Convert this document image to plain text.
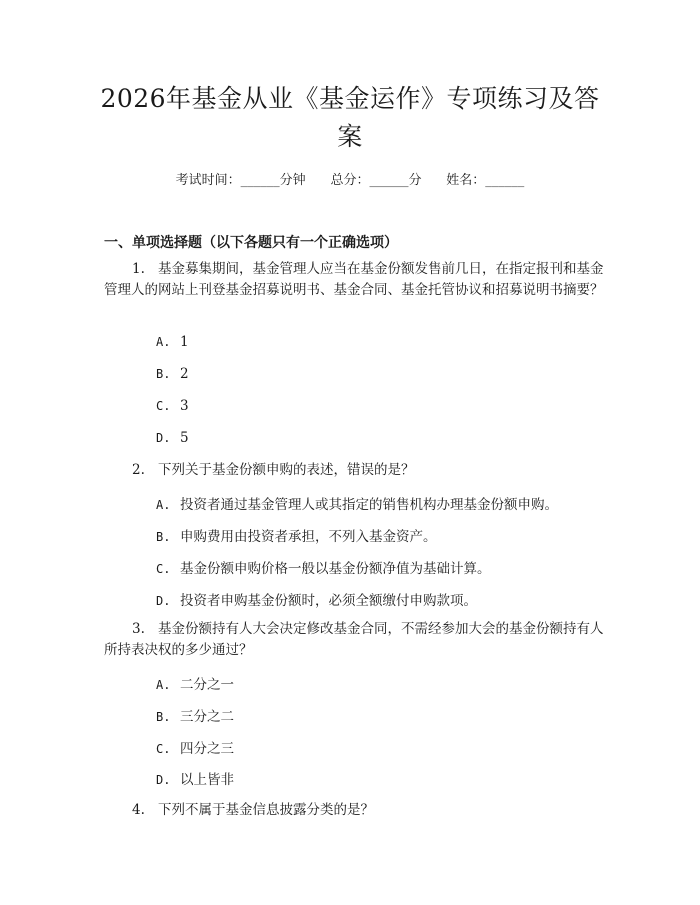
2026年基金从业《基金运作》专项练习及答案
考试时间：______分钟 总分：______分 姓名：______
一、单项选择题（以下各题只有一个正确选项）
1. 基金募集期间，基金管理人应当在基金份额发售前几日，在指定报刊和基金管理人的网站上刊登基金招募说明书、基金合同、基金托管协议和招募说明书摘要？
A. 1
B. 2
C. 3
D. 5
2. 下列关于基金份额申购的表述，错误的是？
A. 投资者通过基金管理人或其指定的销售机构办理基金份额申购。
B. 申购费用由投资者承担，不列入基金资产。
C. 基金份额申购价格一般以基金份额净值为基础计算。
D. 投资者申购基金份额时，必须全额缴付申购款项。
3. 基金份额持有人大会决定修改基金合同，不需经参加大会的基金份额持有人所持表决权的多少通过？
A. 二分之一
B. 三分之二
C. 四分之三
D. 以上皆非
4. 下列不属于基金信息披露分类的是？
